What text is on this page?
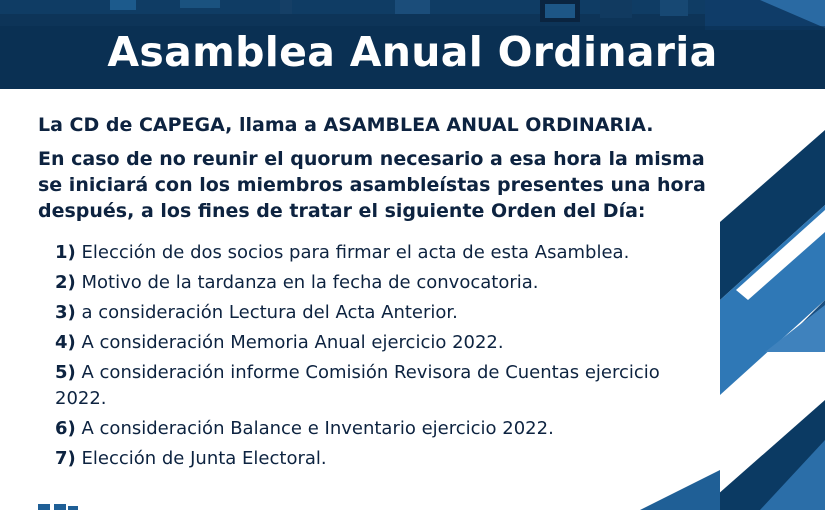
Asamblea Anual Ordinaria

La CD de CAPEGA, llama a ASAMBLEA ANUAL ORDINARIA.

En caso de no reunir el quorum necesario a esa hora la misma se iniciará con los miembros asambleístas presentes una hora después, a los fines de tratar el siguiente Orden del Día:

1) Elección de dos socios para firmar el acta de esta Asamblea.
2) Motivo de la tardanza en la fecha de convocatoria.
3) a consideración Lectura del Acta Anterior.
4) A consideración Memoria Anual ejercicio 2022.
5) A consideración informe Comisión Revisora de Cuentas ejercicio 2022.
6) A consideración Balance e Inventario ejercicio 2022.
7) Elección de Junta Electoral.
